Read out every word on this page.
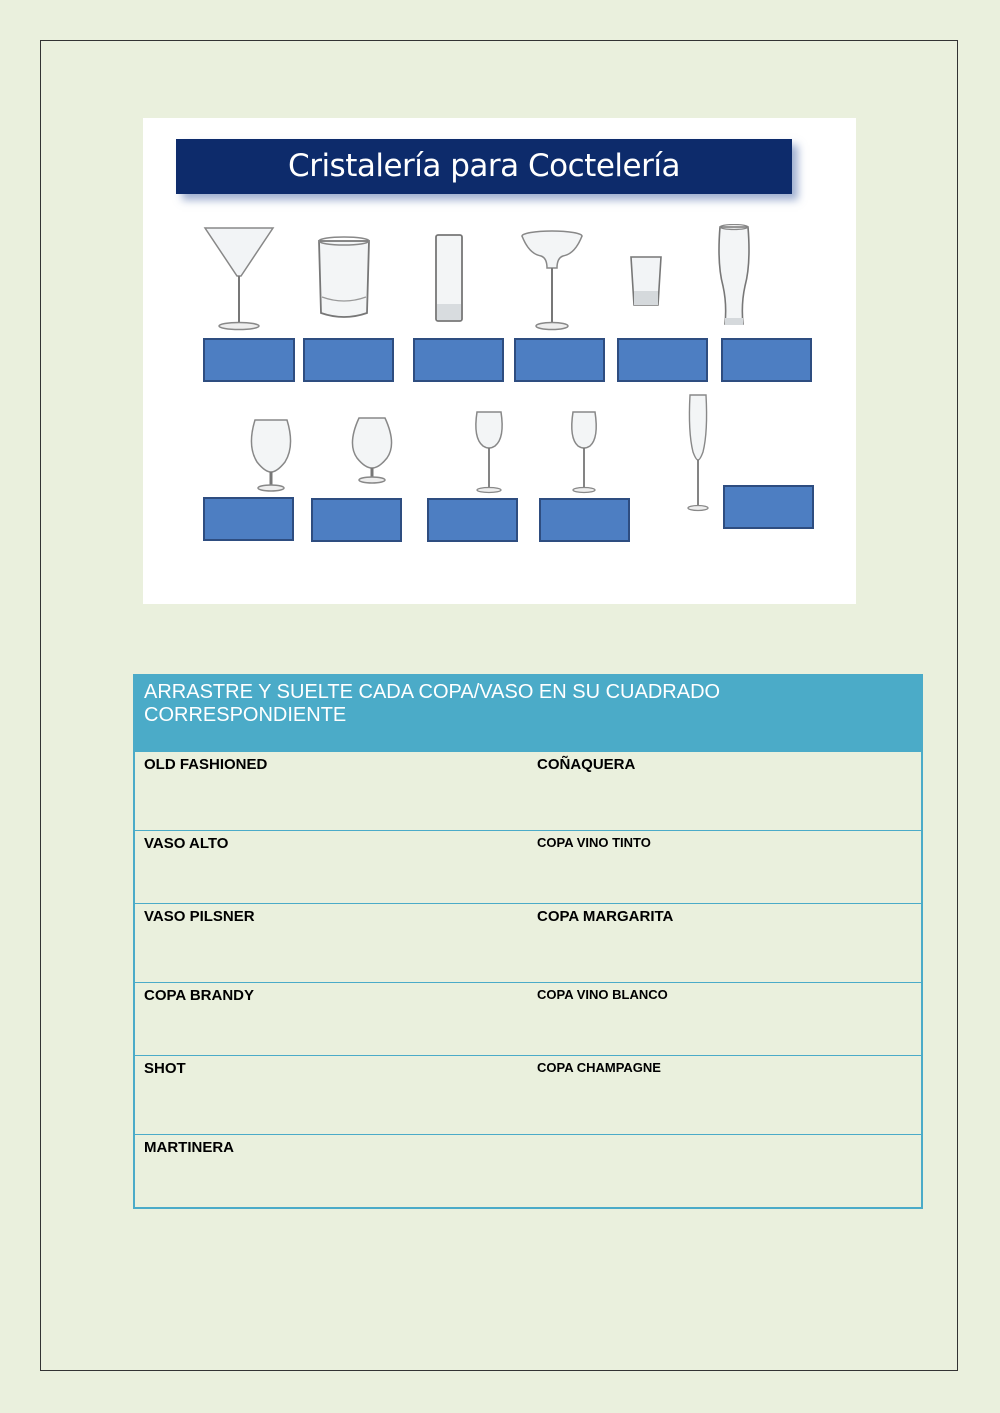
Cristalería para Coctelería
ARRASTRE Y SUELTE CADA COPA/VASO EN SU CUADRADO CORRESPONDIENTE
OLD FASHIONED	COÑAQUERA
VASO ALTO	COPA VINO TINTO
VASO PILSNER	COPA MARGARITA
COPA BRANDY	COPA VINO BLANCO
SHOT	COPA CHAMPAGNE
MARTINERA
